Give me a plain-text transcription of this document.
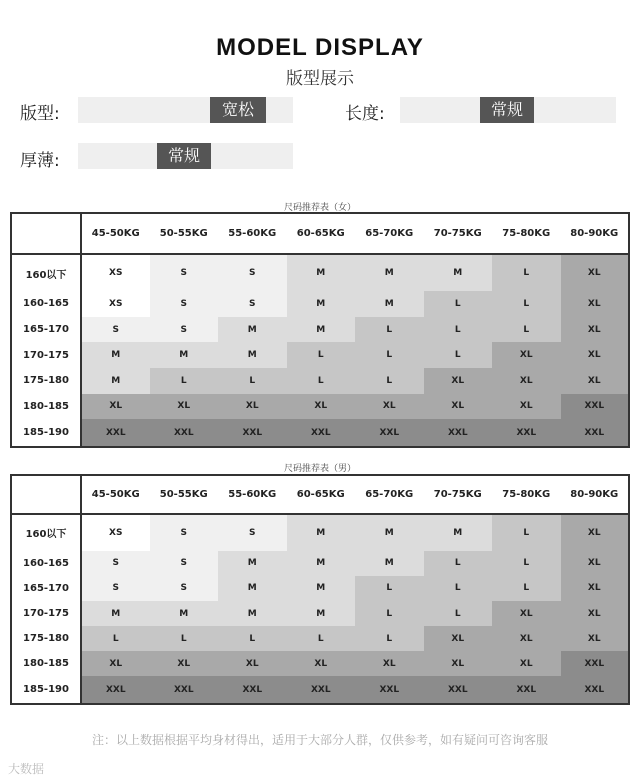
MODEL DISPLAY
版型展示
版型:	宽松	长度:	常规
厚薄:	常规
尺码推荐表（女）
	45-50KG	50-55KG	55-60KG	60-65KG	65-70KG	70-75KG	75-80KG	80-90KG
160以下	XS	S	S	M	M	M	L	XL
160-165	XS	S	S	M	M	L	L	XL
165-170	S	S	M	M	L	L	L	XL
170-175	M	M	M	L	L	L	XL	XL
175-180	M	L	L	L	L	XL	XL	XL
180-185	XL	XL	XL	XL	XL	XL	XL	XXL
185-190	XXL	XXL	XXL	XXL	XXL	XXL	XXL	XXL
尺码推荐表（男）
	45-50KG	50-55KG	55-60KG	60-65KG	65-70KG	70-75KG	75-80KG	80-90KG
160以下	XS	S	S	M	M	M	L	XL
160-165	S	S	M	M	M	L	L	XL
165-170	S	S	M	M	L	L	L	XL
170-175	M	M	M	M	L	L	XL	XL
175-180	L	L	L	L	L	XL	XL	XL
180-185	XL	XL	XL	XL	XL	XL	XL	XXL
185-190	XXL	XXL	XXL	XXL	XXL	XXL	XXL	XXL
注：以上数据根据平均身材得出，适用于大部分人群，仅供参考，如有疑问可咨询客服
大数据
